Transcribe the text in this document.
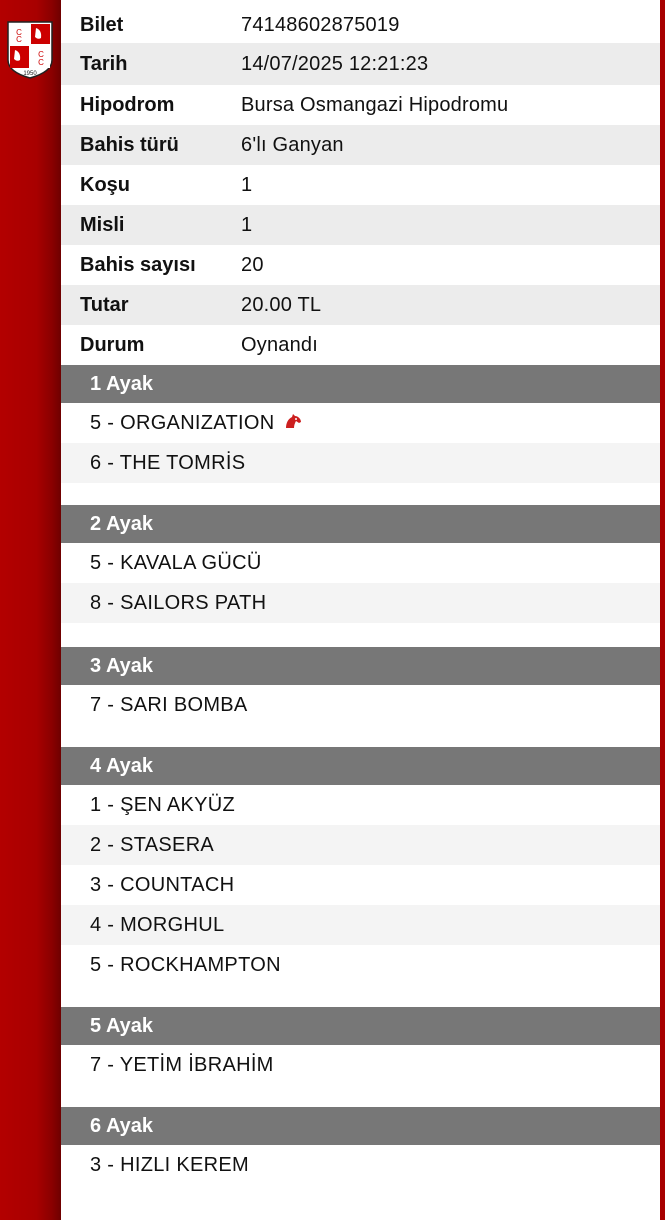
C
C
C
C
1950
Bilet	74148602875019
Tarih	14/07/2025 12:21:23
Hipodrom	Bursa Osmangazi Hipodromu
Bahis türü	6'lı Ganyan
Koşu	1
Misli	1
Bahis sayısı	20
Tutar	20.00 TL
Durum	Oynandı
1 Ayak
5 - ORGANIZATION
6 - THE TOMRİS
2 Ayak
5 - KAVALA GÜCÜ
8 - SAILORS PATH
3 Ayak
7 - SARI BOMBA
4 Ayak
1 - ŞEN AKYÜZ
2 - STASERA
3 - COUNTACH
4 - MORGHUL
5 - ROCKHAMPTON
5 Ayak
7 - YETİM İBRAHİM
6 Ayak
3 - HIZLI KEREM
